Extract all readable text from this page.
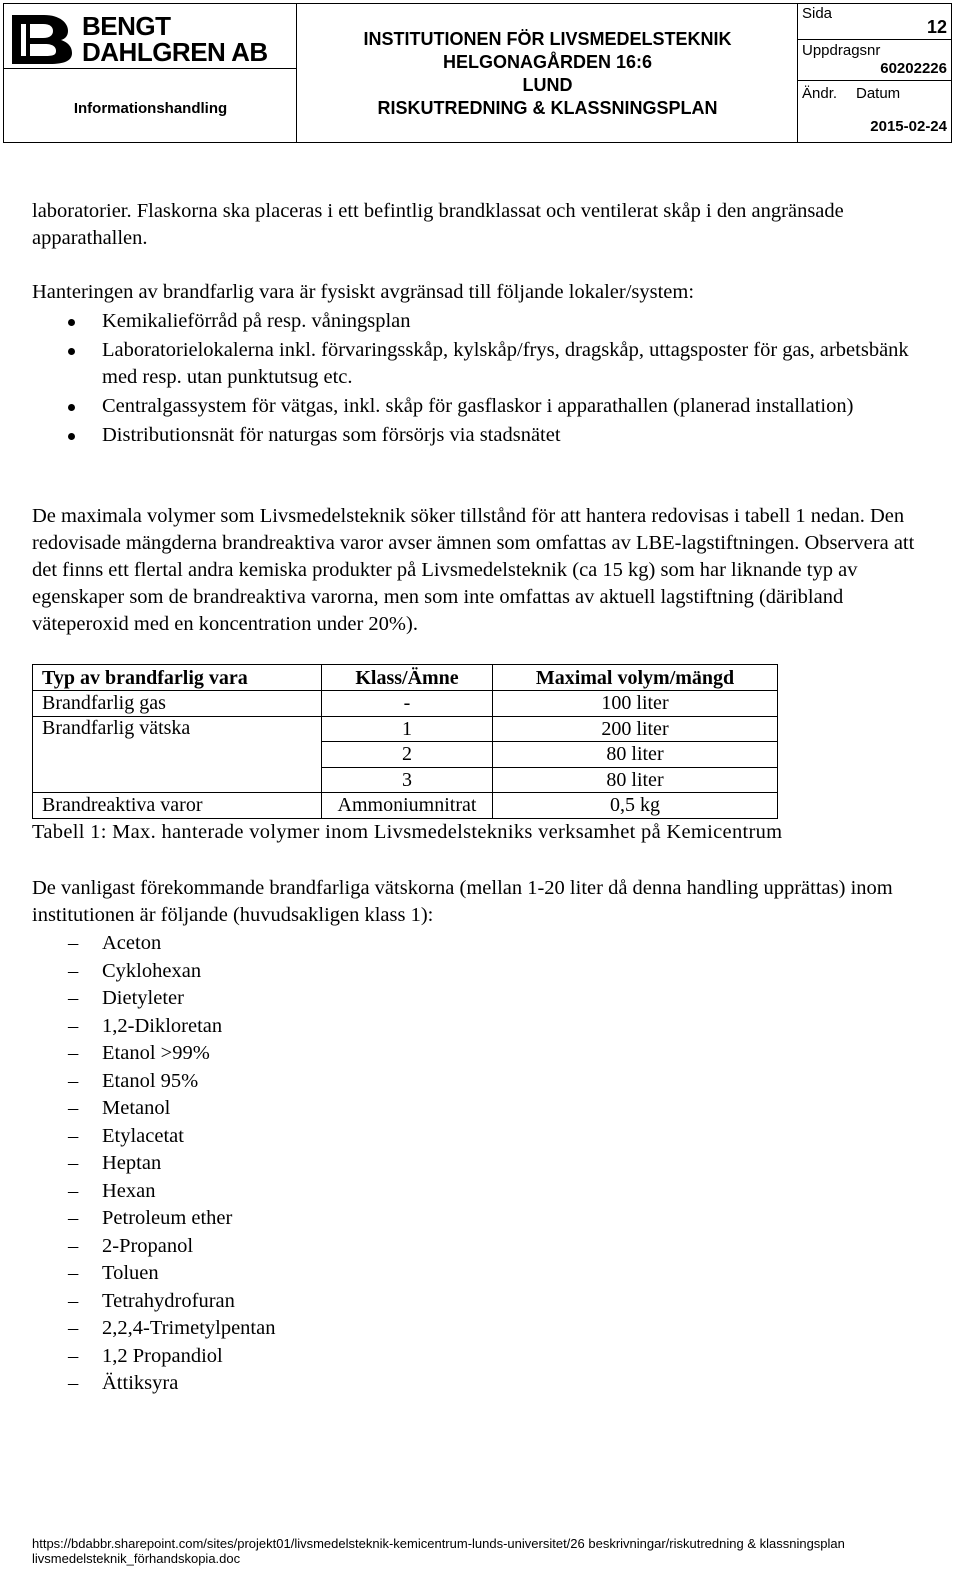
BENGT
DAHLGREN AB
Informationshandling
INSTITUTIONEN FÖR LIVSMEDELSTEKNIK
HELGONAGÅRDEN 16:6
LUND
RISKUTREDNING & KLASSNINGSPLAN
Sida
12
Uppdragsnr
60202226
Ändr. Datum
2015-02-24
laboratorier. Flaskorna ska placeras i ett befintlig brandklassat och ventilerat skåp i den angränsade apparathallen.
Hanteringen av brandfarlig vara är fysiskt avgränsad till följande lokaler/system:
Kemikalieförråd på resp. våningsplan
Laboratorielokalerna inkl. förvaringsskåp, kylskåp/frys, dragskåp, uttagsposter för gas, arbetsbänk med resp. utan punktutsug etc.
Centralgassystem för vätgas, inkl. skåp för gasflaskor i apparathallen (planerad installation)
Distributionsnät för naturgas som försörjs via stadsnätet
De maximala volymer som Livsmedelsteknik söker tillstånd för att hantera redovisas i tabell 1 nedan. Den redovisade mängderna brandreaktiva varor avser ämnen som omfattas av LBE-lagstiftningen. Observera att det finns ett flertal andra kemiska produkter på Livsmedelsteknik (ca 15 kg) som har liknande typ av egenskaper som de brandreaktiva varorna, men som inte omfattas av aktuell lagstiftning (däribland väteperoxid med en koncentration under 20%).
Typ av brandfarlig vara	Klass/Ämne	Maximal volym/mängd
Brandfarlig gas	-	100 liter
Brandfarlig vätska	1	200 liter
	2	80 liter
	3	80 liter
Brandreaktiva varor	Ammoniumnitrat	0,5 kg
Tabell 1: Max. hanterade volymer inom Livsmedelstekniks verksamhet på Kemicentrum
De vanligast förekommande brandfarliga vätskorna (mellan 1-20 liter då denna handling upprättas) inom institutionen är följande (huvudsakligen klass 1):
– Aceton
– Cyklohexan
– Dietyleter
– 1,2-Dikloretan
– Etanol >99%
– Etanol 95%
– Metanol
– Etylacetat
– Heptan
– Hexan
– Petroleum ether
– 2-Propanol
– Toluen
– Tetrahydrofuran
– 2,2,4-Trimetylpentan
– 1,2 Propandiol
– Ättiksyra
https://bdabbr.sharepoint.com/sites/projekt01/livsmedelsteknik-kemicentrum-lunds-universitet/26 beskrivningar/riskutredning & klassningsplan
livsmedelsteknik_förhandskopia.doc
